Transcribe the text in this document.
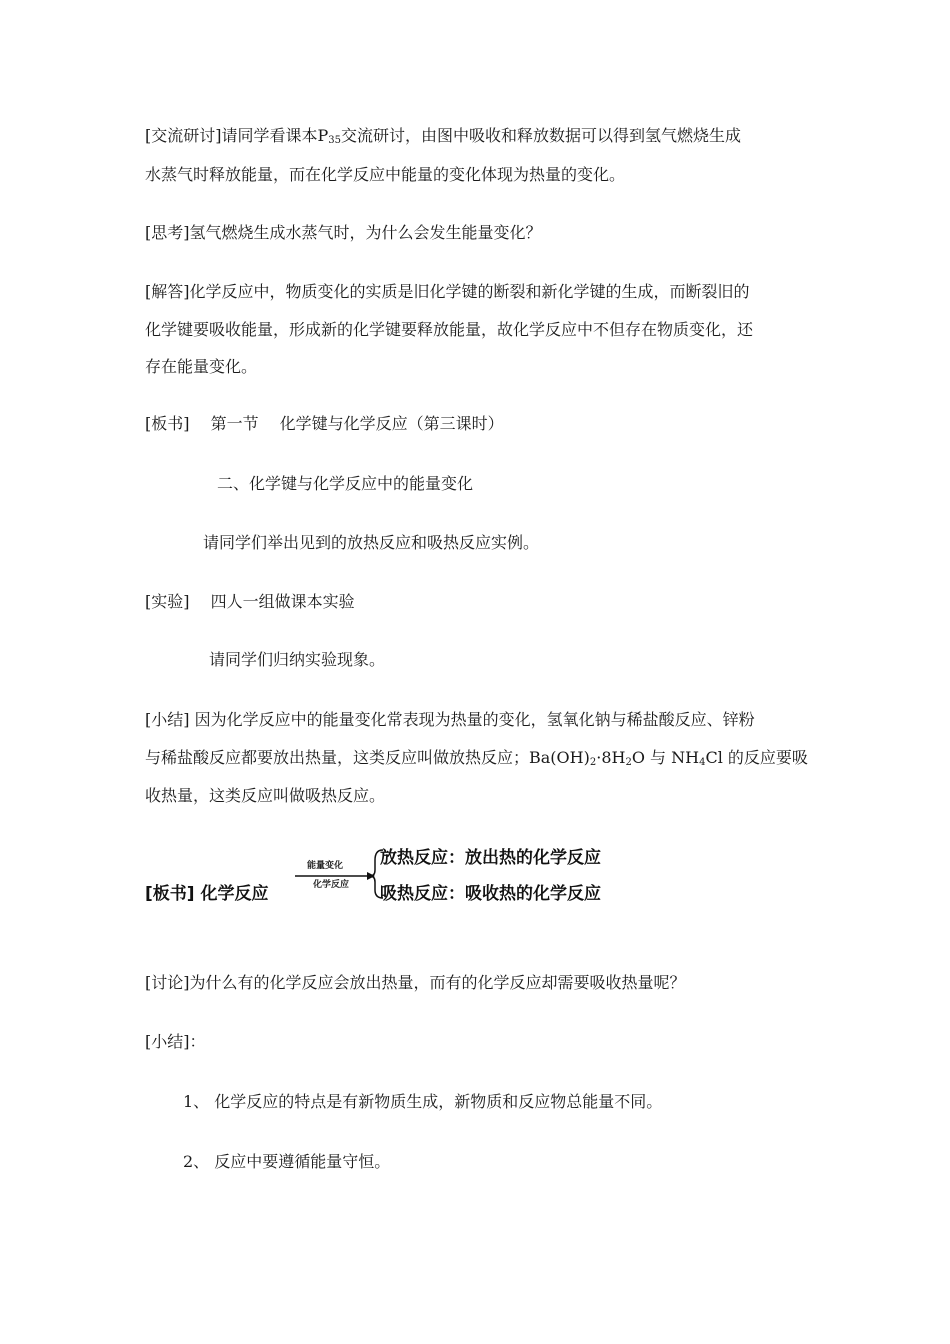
[交流研讨]请同学看课本$P_{35}$交流研讨，由图中吸收和释放数据可以得到氢气燃烧生成
水蒸气时释放能量，而在化学反应中能量的变化体现为热量的变化。
[思考]氢气燃烧生成水蒸气时，为什么会发生能量变化？
[解答]化学反应中，物质变化的实质是旧化学键的断裂和新化学键的生成，而断裂旧的
化学键要吸收能量，形成新的化学键要释放能量，故化学反应中不但存在物质变化，还
存在能量变化。
[板书]　 第一节　 化学键与化学反应（第三课时）
二、化学键与化学反应中的能量变化
请同学们举出见到的放热反应和吸热反应实例。
[实验]　 四人一组做课本实验
请同学们归纳实验现象。
[小结] 因为化学反应中的能量变化常表现为热量的变化，氢氧化钠与稀盐酸反应、锌粉
与稀盐酸反应都要放出热量，这类反应叫做放热反应；$Ba(OH)_2\cdot 8H_2O$ 与 $NH_4Cl$ 的反应要吸
收热量，这类反应叫做吸热反应。
[板书] 化学反应
能量变化
化学反应
放热反应：放出热的化学反应
吸热反应：吸收热的化学反应
[讨论]为什么有的化学反应会放出热量，而有的化学反应却需要吸收热量呢？
[小结]：
1、 化学反应的特点是有新物质生成，新物质和反应物总能量不同。
2、 反应中要遵循能量守恒。
